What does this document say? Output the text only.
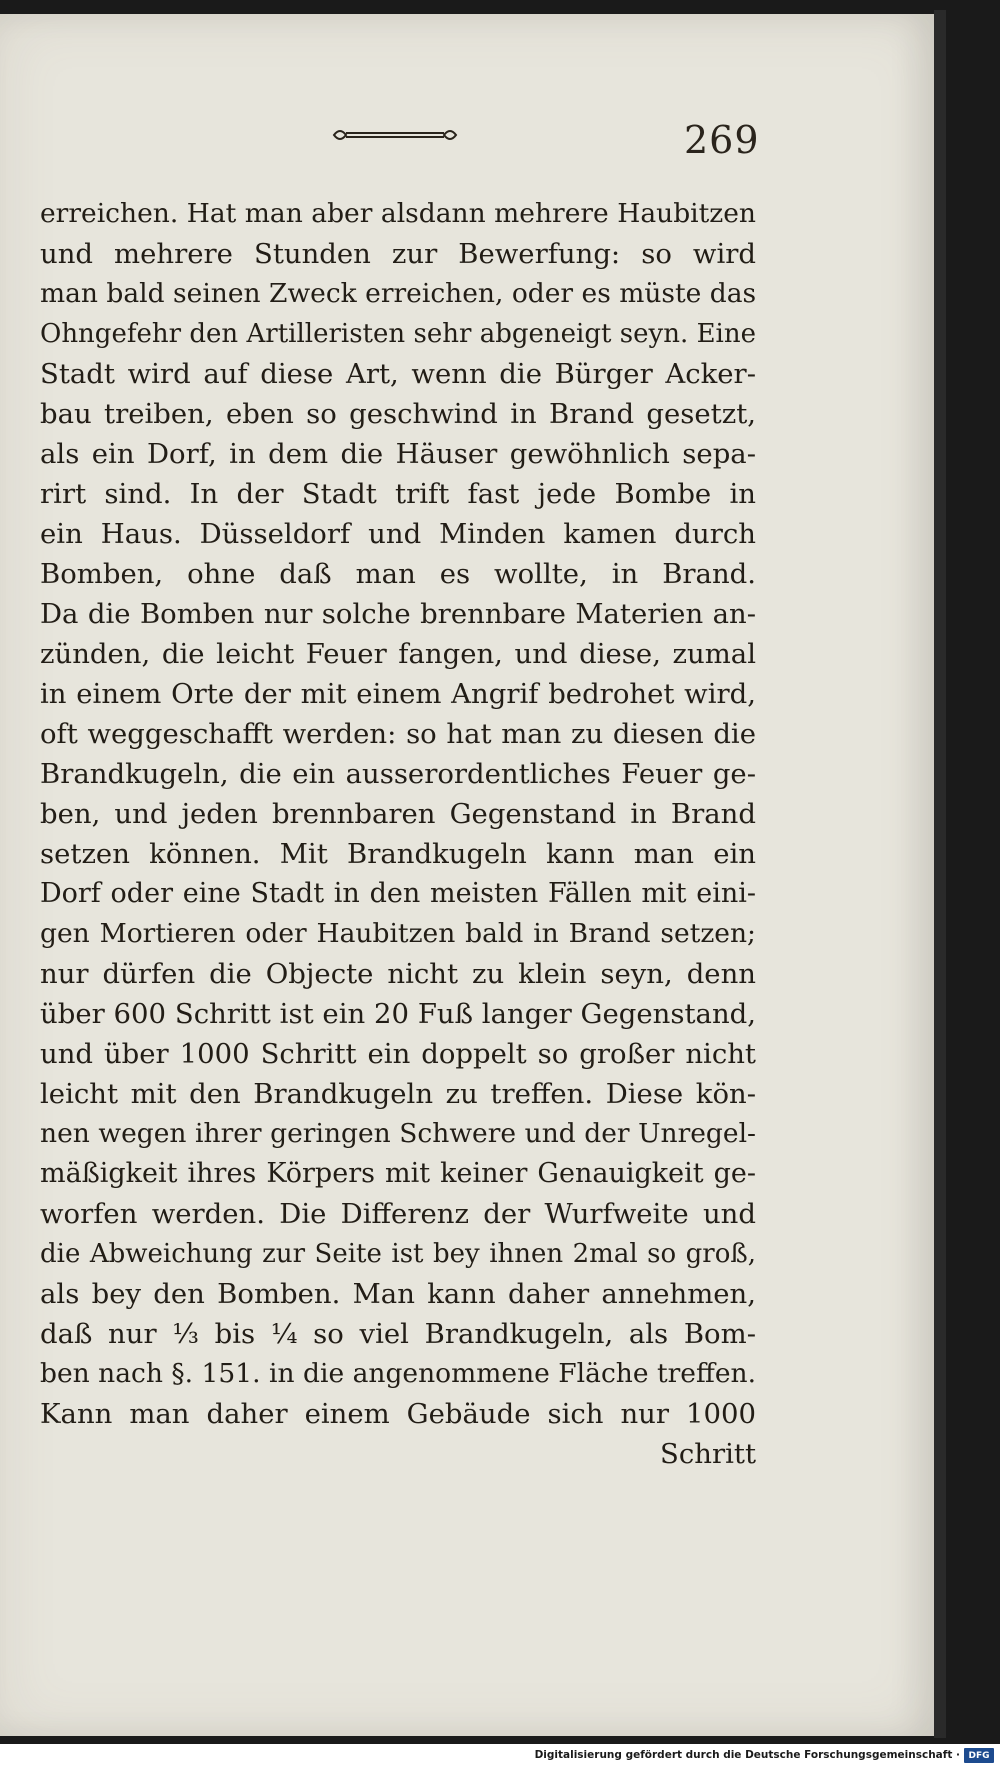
269
erreichen. Hat man aber alsdann mehrere Haubitzen
und mehrere Stunden zur Bewerfung: so wird
man bald seinen Zweck erreichen, oder es müste das
Ohngefehr den Artilleristen sehr abgeneigt seyn. Eine
Stadt wird auf diese Art, wenn die Bürger Acker-
bau treiben, eben so geschwind in Brand gesetzt,
als ein Dorf, in dem die Häuser gewöhnlich sepa-
rirt sind. In der Stadt trift fast jede Bombe in
ein Haus. Düsseldorf und Minden kamen durch
Bomben, ohne daß man es wollte, in Brand.
Da die Bomben nur solche brennbare Materien an-
zünden, die leicht Feuer fangen, und diese, zumal
in einem Orte der mit einem Angrif bedrohet wird,
oft weggeschafft werden: so hat man zu diesen die
Brandkugeln, die ein ausserordentliches Feuer ge-
ben, und jeden brennbaren Gegenstand in Brand
setzen können. Mit Brandkugeln kann man ein
Dorf oder eine Stadt in den meisten Fällen mit eini-
gen Mortieren oder Haubitzen bald in Brand setzen;
nur dürfen die Objecte nicht zu klein seyn, denn
über 600 Schritt ist ein 20 Fuß langer Gegenstand,
und über 1000 Schritt ein doppelt so großer nicht
leicht mit den Brandkugeln zu treffen. Diese kön-
nen wegen ihrer geringen Schwere und der Unregel-
mäßigkeit ihres Körpers mit keiner Genauigkeit ge-
worfen werden. Die Differenz der Wurfweite und
die Abweichung zur Seite ist bey ihnen 2mal so groß,
als bey den Bomben. Man kann daher annehmen,
daß nur ⅓ bis ¼ so viel Brandkugeln, als Bom-
ben nach §. 151. in die angenommene Fläche treffen.
Kann man daher einem Gebäude sich nur 1000
Schritt
Digitalisierung gefördert durch die Deutsche Forschungsgemeinschaft · DFG
